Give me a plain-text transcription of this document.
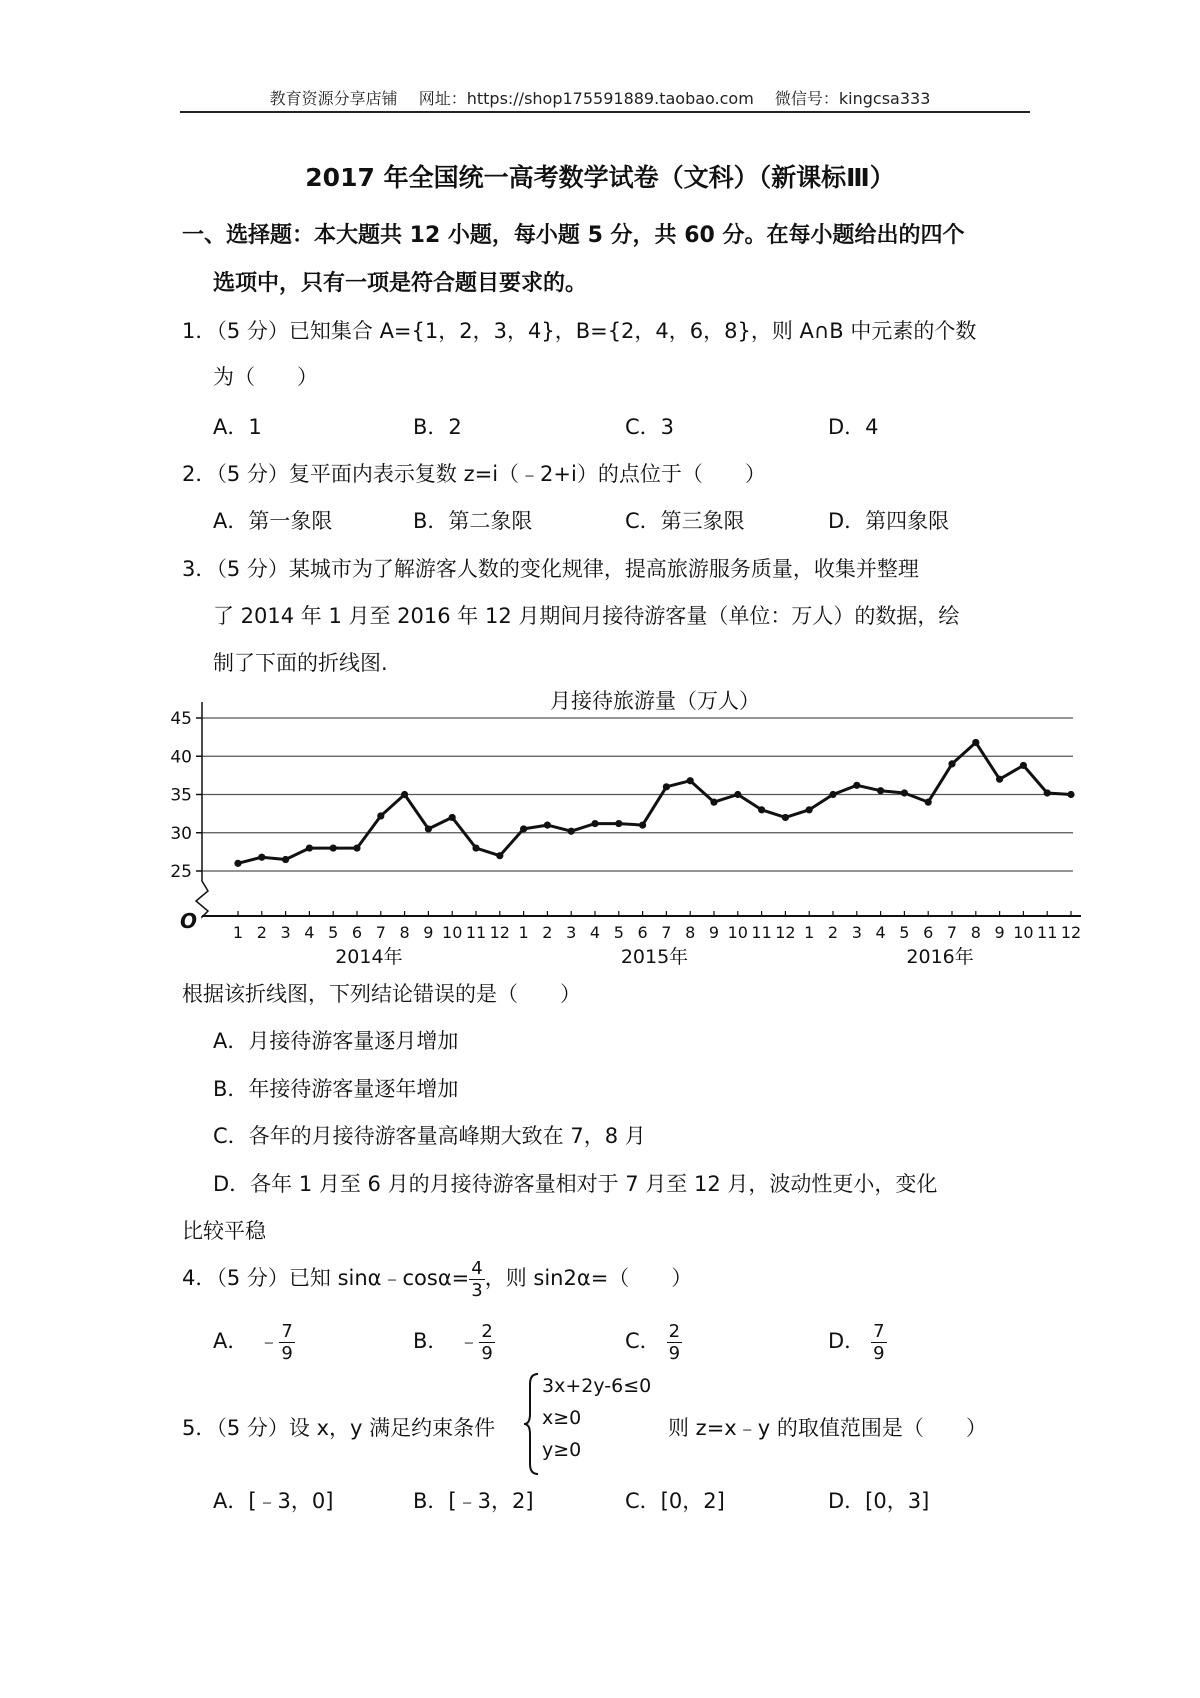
教育资源分享店铺 网址：https://shop175591889.taobao.com 微信号：kingcsa333
2017 年全国统一高考数学试卷（文科）（新课标Ⅲ）
一、选择题：本大题共 12 小题，每小题 5 分，共 60 分。在每小题给出的四个
选项中，只有一项是符合题目要求的。
1．（5 分）已知集合 A={1，2，3，4}，B={2，4，6，8}，则 A∩B 中元素的个数
为（　　）
A．1	B．2	C．3	D．4
2．（5 分）复平面内表示复数 z=i（﹣2+i）的点位于（　　）
A．第一象限	B．第二象限	C．第三象限	D．第四象限
3．（5 分）某城市为了解游客人数的变化规律，提高旅游服务质量，收集并整理
了 2014 年 1 月至 2016 年 12 月期间月接待游客量（单位：万人）的数据，绘
制了下面的折线图.
月接待旅游量（万人）
O
25
30
35
40
45
1 2 3 4 5 6 7 8 9 10 11 12 1 2 3 4 5 6 7 8 9 10 11 12 1 2 3 4 5 6 7 8 9 10 11 12
2014年	2015年	2016年
根据该折线图，下列结论错误的是（　　）
A．月接待游客量逐月增加
B．年接待游客量逐年增加
C．各年的月接待游客量高峰期大致在 7，8 月
D．各年 1 月至 6 月的月接待游客量相对于 7 月至 12 月，波动性更小，变化
比较平稳
4．（5 分）已知 sinα﹣cosα= $\frac{4}{3}$ ，则 sin2α=（　　）
A． ﹣ $\frac{7}{9}$	B． ﹣ $\frac{2}{9}$	C． $\frac{2}{9}$	D． $\frac{7}{9}$
5．（5 分）设 x，y 满足约束条件
3x+2y-6≤0
x≥0
y≥0
则 z=x﹣y 的取值范围是（　　）
A．[﹣3，0]	B．[﹣3，2]	C．[0，2]	D．[0，3]
